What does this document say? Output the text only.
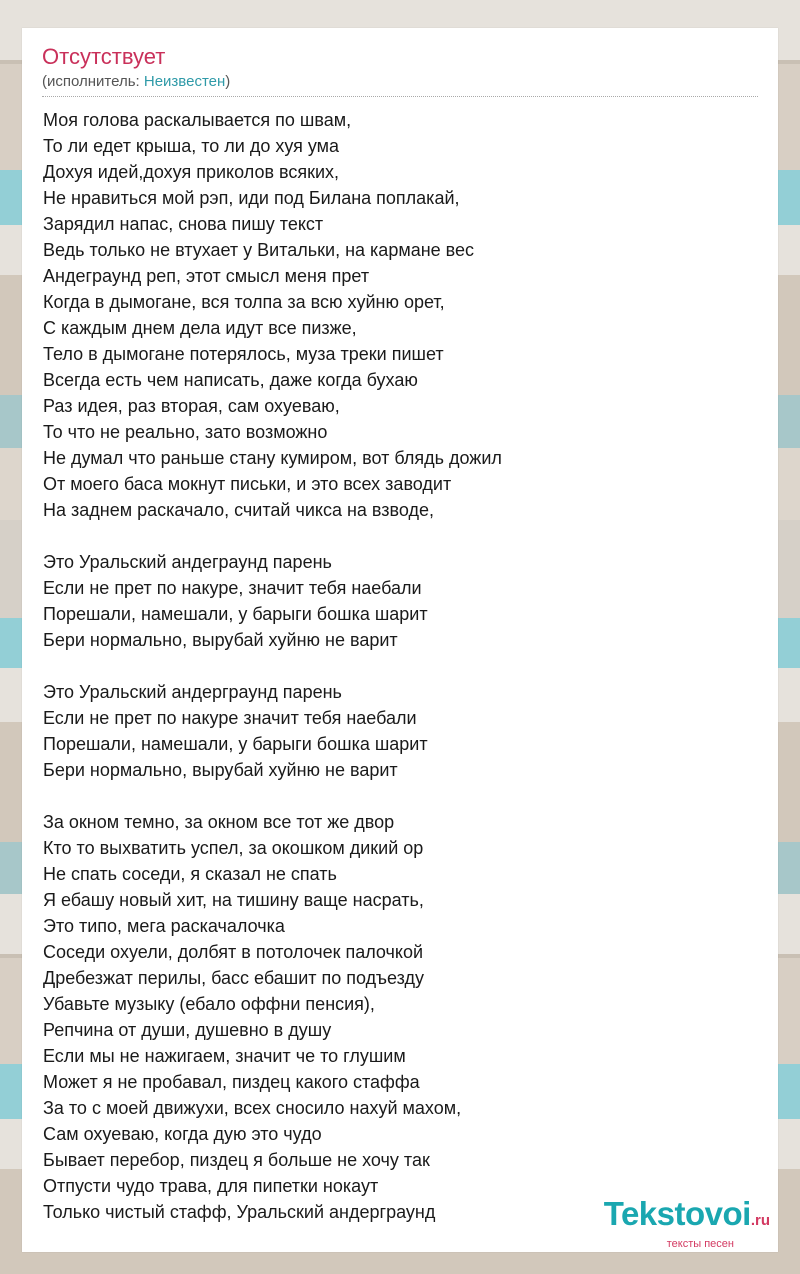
Отсутствует
(исполнитель: Неизвестен)
Моя голова раскалывается по швам,
То ли едет крыша, то ли до хуя ума
Дохуя идей,дохуя приколов всяких,
Не нравиться мой рэп, иди под Билана поплакай,
Зарядил напас, снова пишу текст
Ведь только не втухает у Витальки, на кармане вес
Андеграунд реп, этот смысл меня прет
Когда в дымогане, вся толпа за всю хуйню орет,
С каждым днем дела идут все пизже,
Тело в дымогане потерялось, муза треки пишет
Всегда есть чем написать, даже когда бухаю
Раз идея, раз вторая, сам охуеваю,
То что не реально, зато возможно
Не думал что раньше стану кумиром, вот блядь дожил
От моего баса мокнут письки, и это всех заводит
На заднем раскачало, считай чикса на взводе,
Это Уральский андеграунд парень
Если не прет по накуре, значит тебя наебали
Порешали, намешали, у барыги бошка шарит
Бери нормально, вырубай хуйню не варит
Это Уральский андерграунд парень
Если не прет по накуре значит тебя наебали
Порешали, намешали, у барыги бошка шарит
Бери нормально, вырубай хуйню не варит
За окном темно, за окном все тот же двор
Кто то выхватить успел, за окошком дикий ор
Не спать соседи, я сказал не спать
Я ебашу новый хит, на тишину ваще насрать,
Это типо, мега раскачалочка
Соседи охуели, долбят в потолочек палочкой
Дребезжат перилы, басс ебашит по подъезду
Убавьте музыку (ебало оффни пенсия),
Репчина от души, душевно в душу
Если мы не нажигаем, значит че то глушим
Может я не пробавал, пиздец какого стаффа
За то с моей движухи, всех сносило нахуй махом,
Сам охуеваю, когда дую это чудо
Бывает перебор, пиздец я больше не хочу так
Отпусти чудо трава, для пипетки нокаут
Только чистый стафф, Уральский андерграунд	Tekstovoi.ru
тексты песен
